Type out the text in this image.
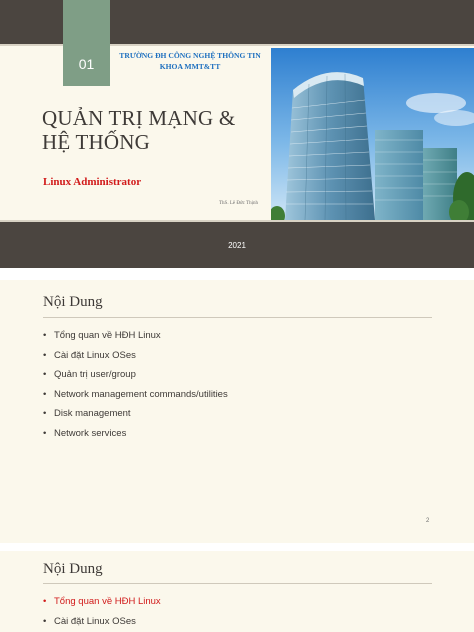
01
TRƯỜNG ĐH CÔNG NGHỆ THÔNG TIN
KHOA MMT&TT
QUẢN TRỊ MẠNG &
HỆ THỐNG
Linux Administrator
ThS. Lê Đức Thịnh
2021
Nội Dung
• Tổng quan về HĐH Linux
• Cài đặt Linux OSes
• Quản trị user/group
• Network management commands/utilities
• Disk management
• Network services
2
Nội Dung
• Tổng quan về HĐH Linux
• Cài đặt Linux OSes
